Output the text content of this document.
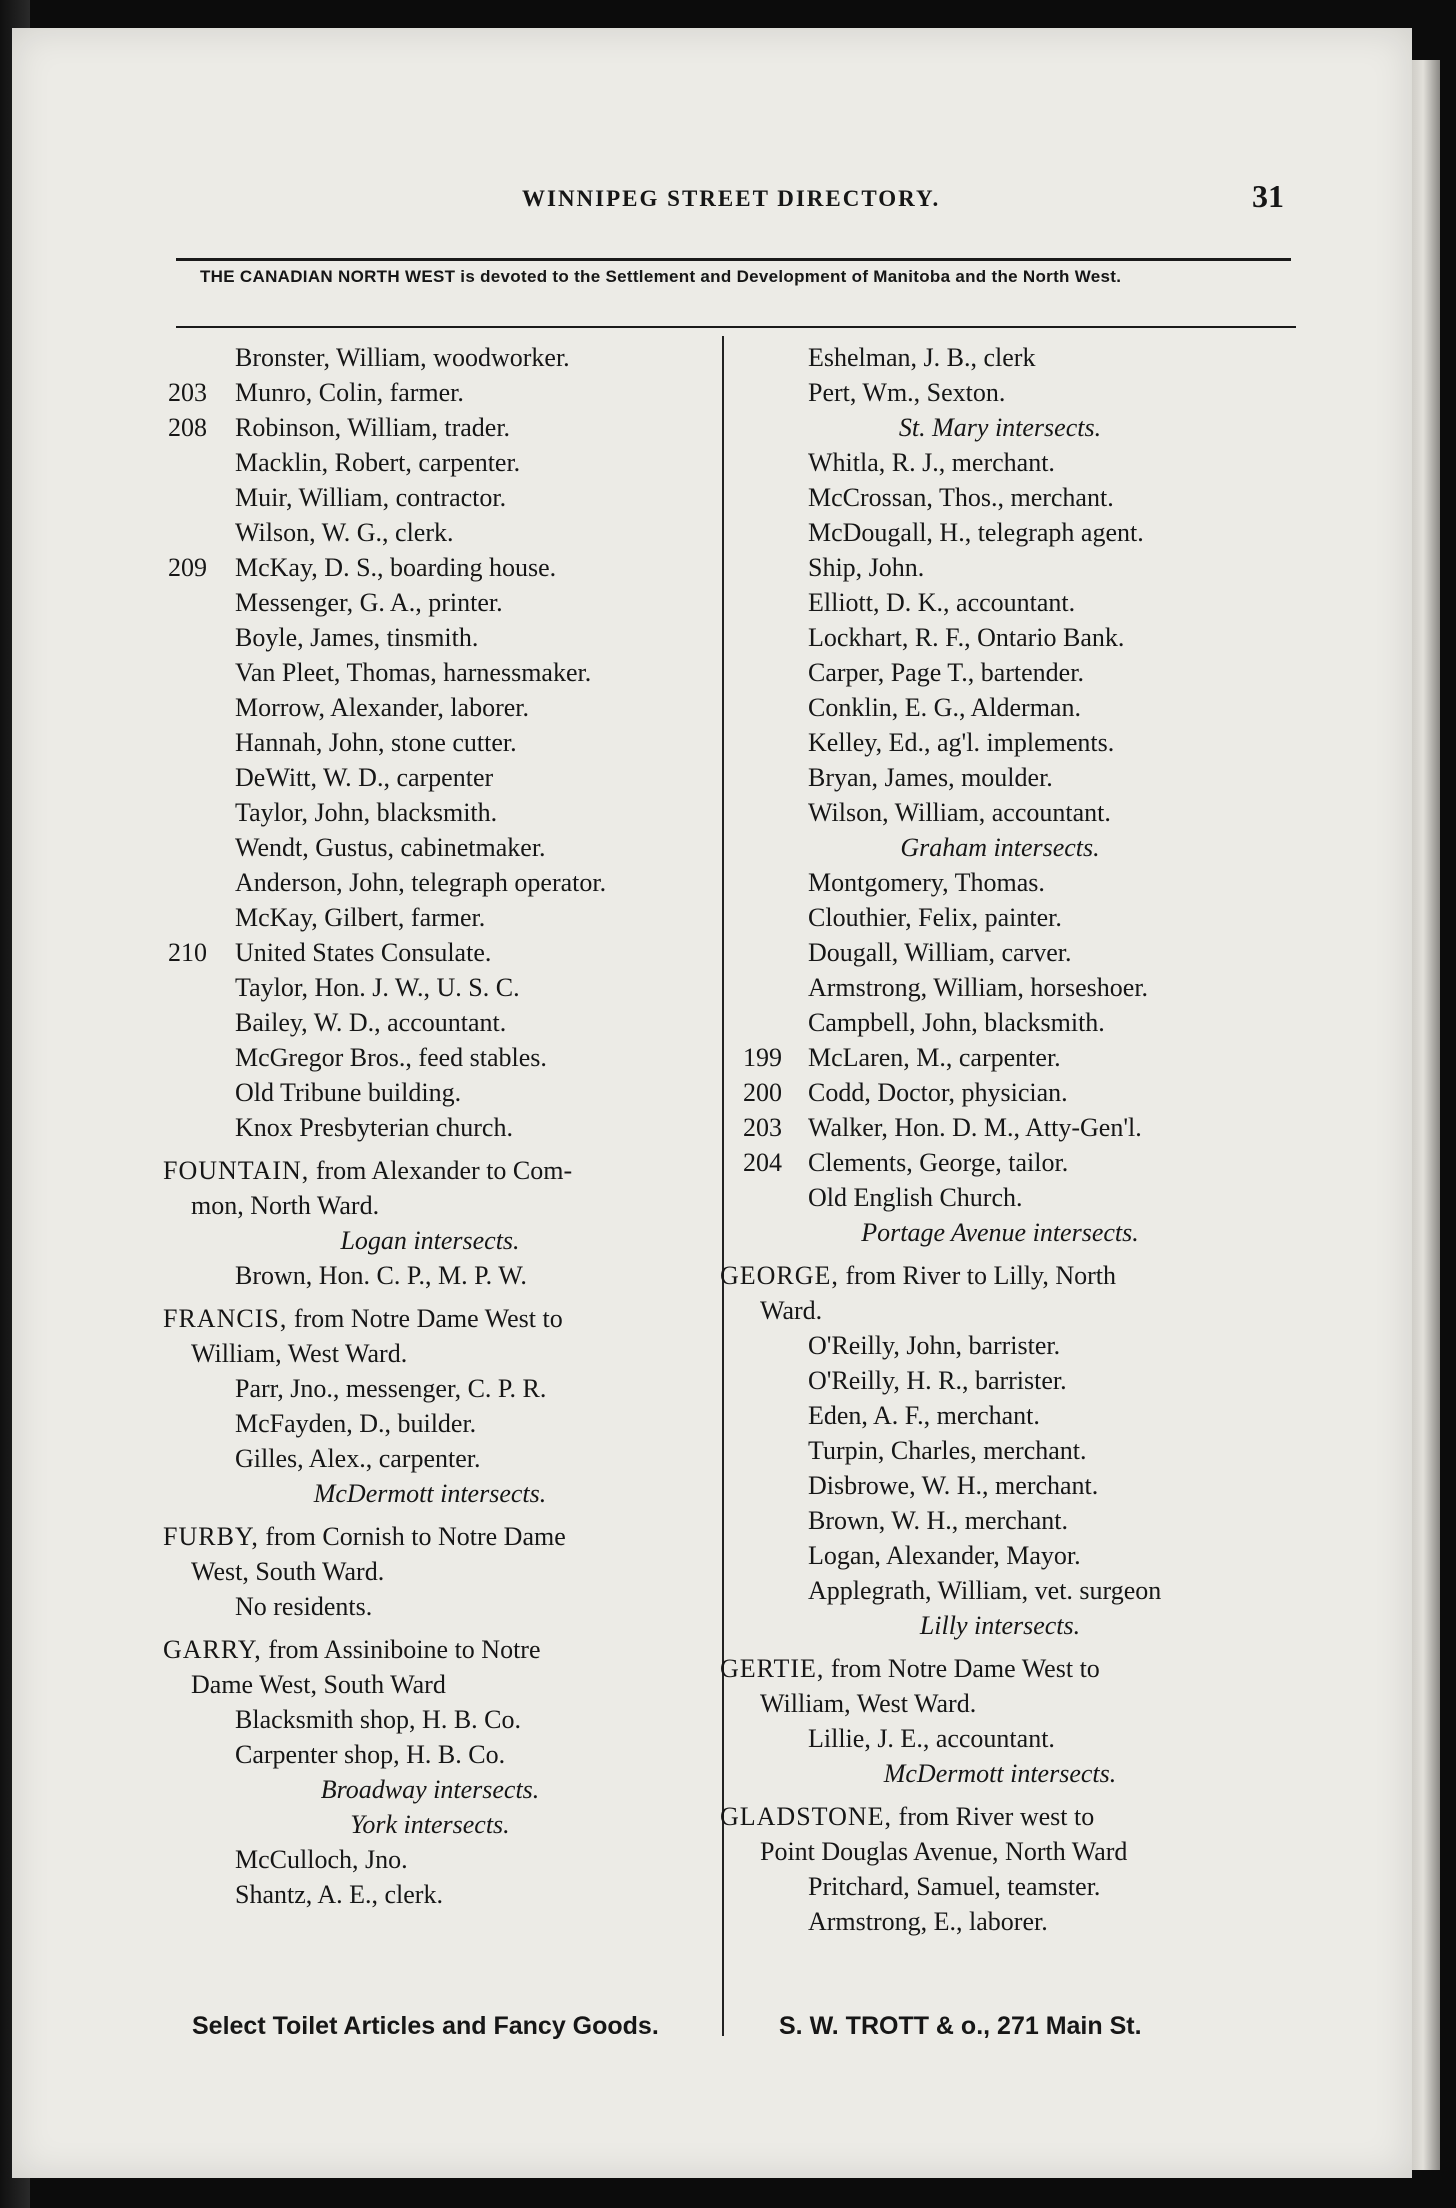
WINNIPEG STREET DIRECTORY.	31
THE CANADIAN NORTH WEST is devoted to the Settlement and Development of Manitoba and the North West.
Bronster, William, woodworker.
203 Munro, Colin, farmer.
208 Robinson, William, trader.
Macklin, Robert, carpenter.
Muir, William, contractor.
Wilson, W. G., clerk.
209 McKay, D. S., boarding house.
Messenger, G. A., printer.
Boyle, James, tinsmith.
Van Pleet, Thomas, harnessmaker.
Morrow, Alexander, laborer.
Hannah, John, stone cutter.
DeWitt, W. D., carpenter
Taylor, John, blacksmith.
Wendt, Gustus, cabinetmaker.
Anderson, John, telegraph operator.
McKay, Gilbert, farmer.
210 United States Consulate.
Taylor, Hon. J. W., U. S. C.
Bailey, W. D., accountant.
McGregor Bros., feed stables.
Old Tribune building.
Knox Presbyterian church.
FOUNTAIN, from Alexander to Com-
mon, North Ward.
Logan intersects.
Brown, Hon. C. P., M. P. W.
FRANCIS, from Notre Dame West to
William, West Ward.
Parr, Jno., messenger, C. P. R.
McFayden, D., builder.
Gilles, Alex., carpenter.
McDermott intersects.
FURBY, from Cornish to Notre Dame
West, South Ward.
No residents.
GARRY, from Assiniboine to Notre
Dame West, South Ward
Blacksmith shop, H. B. Co.
Carpenter shop, H. B. Co.
Broadway intersects.
York intersects.
McCulloch, Jno.
Shantz, A. E., clerk.
Eshelman, J. B., clerk
Pert, Wm., Sexton.
St. Mary intersects.
Whitla, R. J., merchant.
McCrossan, Thos., merchant.
McDougall, H., telegraph agent.
Ship, John.
Elliott, D. K., accountant.
Lockhart, R. F., Ontario Bank.
Carper, Page T., bartender.
Conklin, E. G., Alderman.
Kelley, Ed., ag'l. implements.
Bryan, James, moulder.
Wilson, William, accountant.
Graham intersects.
Montgomery, Thomas.
Clouthier, Felix, painter.
Dougall, William, carver.
Armstrong, William, horseshoer.
Campbell, John, blacksmith.
199 McLaren, M., carpenter.
200 Codd, Doctor, physician.
203 Walker, Hon. D. M., Atty-Gen'l.
204 Clements, George, tailor.
Old English Church.
Portage Avenue intersects.
GEORGE, from River to Lilly, North
Ward.
O'Reilly, John, barrister.
O'Reilly, H. R., barrister.
Eden, A. F., merchant.
Turpin, Charles, merchant.
Disbrowe, W. H., merchant.
Brown, W. H., merchant.
Logan, Alexander, Mayor.
Applegrath, William, vet. surgeon
Lilly intersects.
GERTIE, from Notre Dame West to
William, West Ward.
Lillie, J. E., accountant.
McDermott intersects.
GLADSTONE, from River west to
Point Douglas Avenue, North Ward
Pritchard, Samuel, teamster.
Armstrong, E., laborer.
Select Toilet Articles and Fancy Goods.	S. W. TROTT & o., 271 Main St.
